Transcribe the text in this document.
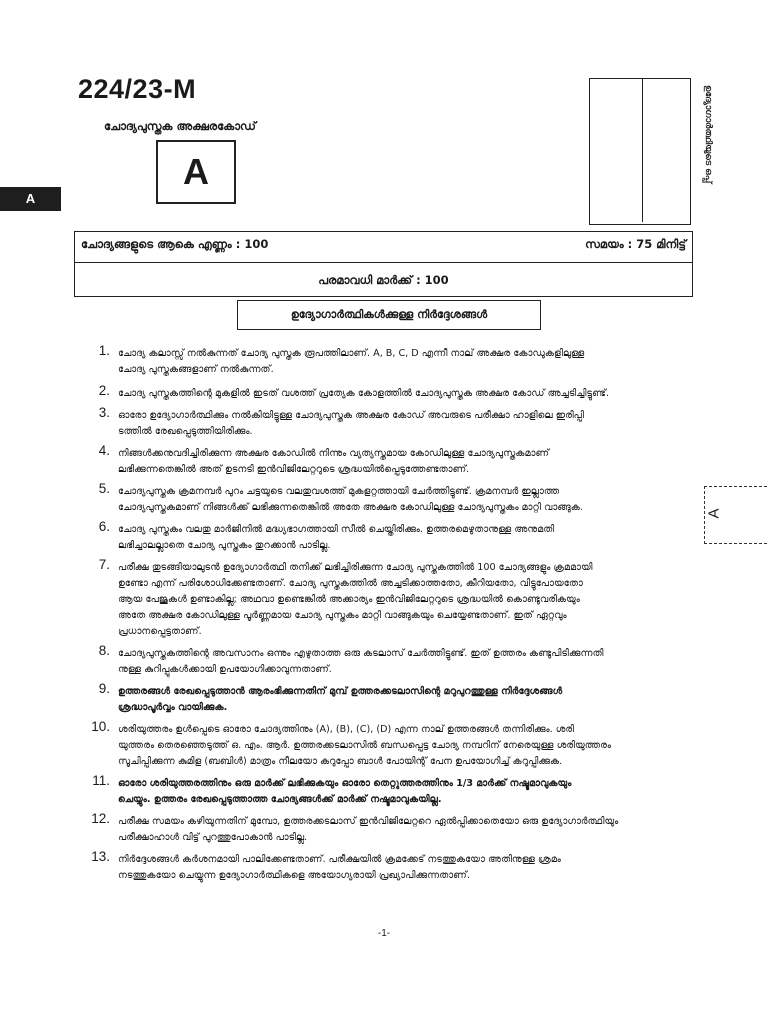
224/23-M
ചോദ്യപുസ്തക അക്ഷരകോഡ്
A
A
ഉദ്യോഗാർത്ഥിയുടെ ഒപ്പ്
ചോദ്യങ്ങളുടെ ആകെ എണ്ണം : 100	സമയം : 75 മിനിട്ട്
പരമാവധി മാർക്ക് : 100
ഉദ്യോഗാർത്ഥികൾക്കുള്ള നിർദ്ദേശങ്ങൾ
A
1. ചോദ്യ കലാസ്സ് നൽകുന്നത് ചോദ്യ പുസ്തക രൂപത്തിലാണ്. A, B, C, D എന്നീ നാല് അക്ഷര കോഡുകളിലുള്ള
ചോദ്യ പുസ്തകങ്ങളാണ് നൽകുന്നത്.
2. ചോദ്യ പുസ്തകത്തിന്റെ മുകളിൽ ഇടത് വശത്ത് പ്രത്യേക കോളത്തിൽ ചോദ്യപുസ്തക അക്ഷര കോഡ് അച്ചടിച്ചിട്ടുണ്ട്.
3. ഓരോ ഉദ്യോഗാർത്ഥിക്കും നൽകിയിട്ടുള്ള ചോദ്യപുസ്തക അക്ഷര കോഡ് അവരുടെ പരീക്ഷാ ഹാളിലെ ഇരിപ്പി
ടത്തിൽ രേഖപ്പെടുത്തിയിരിക്കും.
4. നിങ്ങൾക്കനുവദിച്ചിരിക്കുന്ന അക്ഷര കോഡിൽ നിന്നും വ്യത്യസ്തമായ കോഡിലുള്ള ചോദ്യപുസ്തകമാണ്
ലഭിക്കുന്നതെങ്കിൽ അത് ഉടനടി ഇൻവിജിലേറ്ററുടെ ശ്രദ്ധയിൽപ്പെടുത്തേണ്ടതാണ്.
5. ചോദ്യപുസ്തക ക്രമനമ്പർ പുറം ചട്ടയുടെ വലതുവശത്ത് മുകളറ്റത്തായി ചേർത്തിട്ടുണ്ട്. ക്രമനമ്പർ ഇല്ലാത്ത
ചോദ്യപുസ്തകമാണ് നിങ്ങൾക്ക് ലഭിക്കുന്നതെങ്കിൽ അതേ അക്ഷര കോഡിലുള്ള ചോദ്യപുസ്തകം മാറ്റി വാങ്ങുക.
6. ചോദ്യ പുസ്തകം വലതു മാർജിനിൽ മദ്ധ്യഭാഗത്തായി സീൽ ചെയ്തിരിക്കും. ഉത്തരമെഴുതാനുള്ള അനുമതി
ലഭിച്ചാലല്ലാതെ ചോദ്യ പുസ്തകം തുറക്കാൻ പാടില്ല.
7. പരീക്ഷ തുടങ്ങിയാലുടൻ ഉദ്യോഗാർത്ഥി തനിക്ക് ലഭിച്ചിരിക്കുന്ന ചോദ്യ പുസ്തകത്തിൽ 100 ചോദ്യങ്ങളും ക്രമമായി
ഉണ്ടോ എന്ന് പരിശോധിക്കേണ്ടതാണ്. ചോദ്യ പുസ്തകത്തിൽ അച്ചടിക്കാത്തതോ, കീറിയതോ, വിട്ടുപോയതോ
ആയ പേജുകൾ ഉണ്ടാകില്ല; അഥവാ ഉണ്ടെങ്കിൽ അക്കാര്യം ഇൻവിജിലേറ്ററുടെ ശ്രദ്ധയിൽ കൊണ്ടുവരികയും
അതേ അക്ഷര കോഡിലുള്ള പൂർണ്ണമായ ചോദ്യ പുസ്തകം മാറ്റി വാങ്ങുകയും ചെയ്യേണ്ടതാണ്. ഇത് ഏറ്റവും
പ്രധാനപ്പെട്ടതാണ്.
8. ചോദ്യപുസ്തകത്തിന്റെ അവസാനം ഒന്നും എഴുതാത്ത ഒരു കടലാസ് ചേർത്തിട്ടുണ്ട്. ഇത് ഉത്തരം കണ്ടുപിടിക്കുന്നതി
നുള്ള കുറിപ്പുകൾക്കായി ഉപയോഗിക്കാവുന്നതാണ്.
9. ഉത്തരങ്ങൾ രേഖപ്പെടുത്താൻ ആരംഭിക്കുന്നതിന് മുമ്പ് ഉത്തരക്കടലാസിന്റെ മറുപുറത്തുള്ള നിർദ്ദേശങ്ങൾ
ശ്രദ്ധാപൂർവ്വം വായിക്കുക.
10. ശരിയുത്തരം ഉൾപ്പെടെ ഓരോ ചോദ്യത്തിനും (A), (B), (C), (D) എന്ന നാല് ഉത്തരങ്ങൾ തന്നിരിക്കും. ശരി
യുത്തരം തെരഞ്ഞെടുത്ത് ഒ. എം. ആർ. ഉത്തരക്കടലാസിൽ ബന്ധപ്പെട്ട ചോദ്യ നമ്പറിന് നേരെയുള്ള ശരിയുത്തരം
സൂചിപ്പിക്കുന്ന കുമിള (ബബിൾ) മാത്രം നീലയോ കറുപ്പോ ബാൾ പോയിന്റ് പേന ഉപയോഗിച്ച് കറുപ്പിക്കുക.
11. ഓരോ ശരിയുത്തരത്തിനും ഒരു മാർക്ക് ലഭിക്കുകയും ഓരോ തെറ്റുത്തരത്തിനും 1/3 മാർക്ക് നഷ്ടമാവുകയും
ചെയ്യും. ഉത്തരം രേഖപ്പെടുത്താത്ത ചോദ്യങ്ങൾക്ക് മാർക്ക് നഷ്ടമാവുകയില്ല.
12. പരീക്ഷ സമയം കഴിയുന്നതിന് മുമ്പോ, ഉത്തരക്കടലാസ് ഇൻവിജിലേറ്ററെ ഏൽപ്പിക്കാതെയോ ഒരു ഉദ്യോഗാർത്ഥിയും
പരീക്ഷാഹാൾ വിട്ട് പുറത്തുപോകാൻ പാടില്ല.
13. നിർദ്ദേശങ്ങൾ കർശനമായി പാലിക്കേണ്ടതാണ്. പരീക്ഷയിൽ ക്രമക്കേട് നടത്തുകയോ അതിനുള്ള ശ്രമം
നടത്തുകയോ ചെയ്യുന്ന ഉദ്യോഗാർത്ഥികളെ അയോഗ്യരായി പ്രഖ്യാപിക്കുന്നതാണ്.
-1-
